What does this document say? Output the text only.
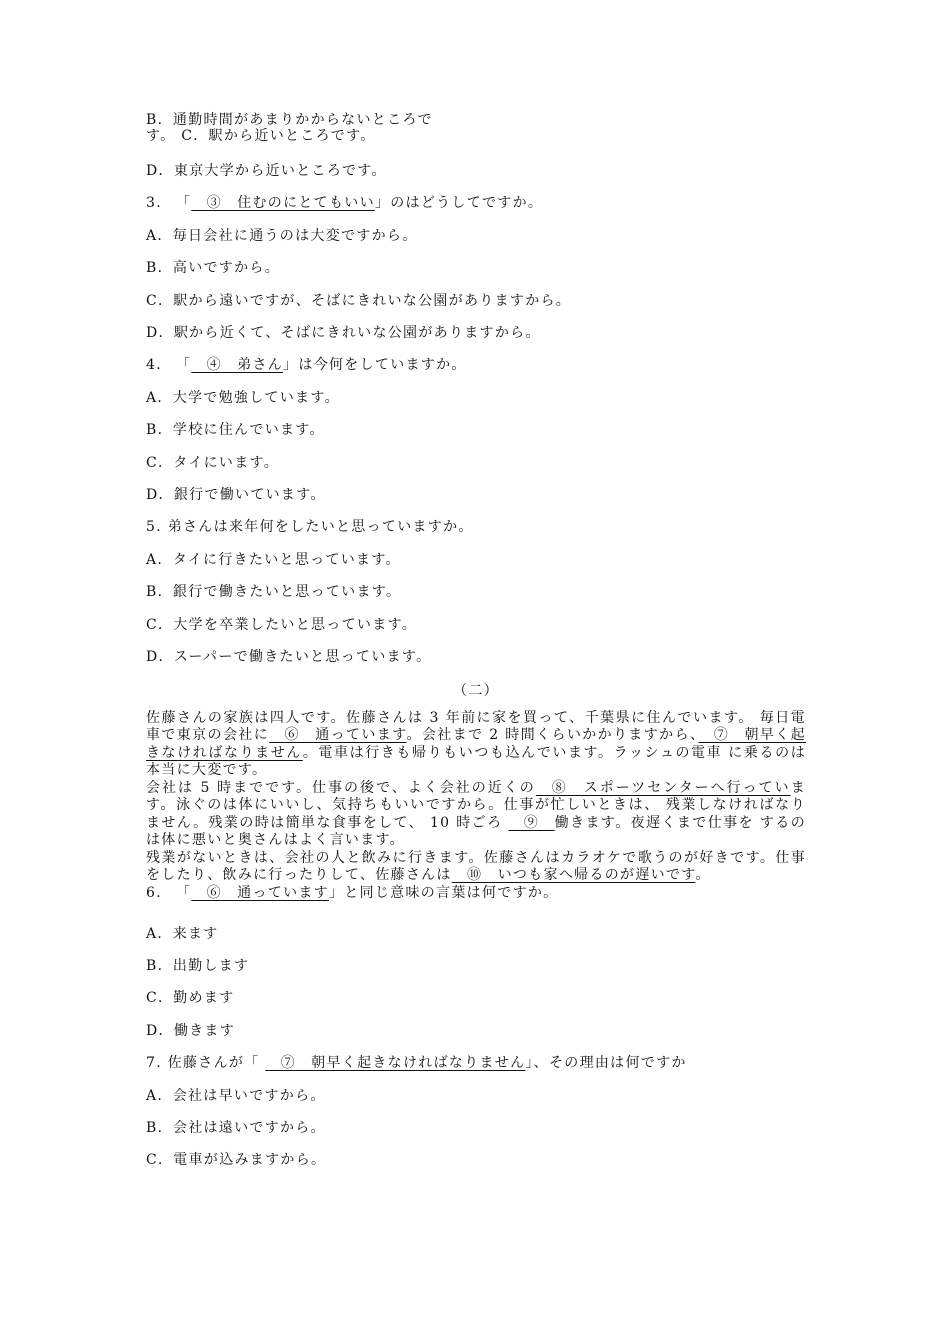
B．通勤時間があまりかからないところで

す。 C．駅から近いところです。

D．東京大学から近いところです。

3. 「　③　住むのにとてもいい」のはどうしてですか。

A．毎日会社に通うのは大変ですから。

B．高いですから。

C．駅から遠いですが、そばにきれいな公園がありますから。

D．駅から近くて、そばにきれいな公園がありますから。

4. 「　④　弟さん」は今何をしていますか。

A．大学で勉強しています。

B．学校に住んでいます。

C．タイにいます。

D．銀行で働いています。

5. 弟さんは来年何をしたいと思っていますか。

A．タイに行きたいと思っています。

B．銀行で働きたいと思っています。

C．大学を卒業したいと思っています。

D．スーパーで働きたいと思っています。

（二）

佐藤さんの家族は四人です。佐藤さんは 3 年前に家を買って、千葉県に住んでいます。 毎日電車で東京の会社に　⑥　通っています。会社まで 2 時間くらいかかりますから、　⑦　朝早く起きなければなりません。電車は行きも帰りもいつも込んでいます。ラッシュの電車 に乗るのは本当に大変です。

会社は 5 時までです。仕事の後で、よく会社の近くの　⑧　スポーツセンターへ行っています。泳ぐのは体にいいし、気持ちもいいですから。仕事が忙しいときは、 残業しなければなりません。残業の時は簡単な食事をして、 10 時ごろ 　⑨　働きます。夜遅くまで仕事を するのは体に悪いと奥さんはよく言います。

残業がないときは、会社の人と飲みに行きます。佐藤さんはカラオケで歌うのが好きです。仕事をしたり、飲みに行ったりして、佐藤さんは　⑩　いつも家へ帰るのが遅いです。

6. 「　⑥　通っています」と同じ意味の言葉は何ですか。

A．来ます

B．出勤します

C．勤めます

D．働きます

7. 佐藤さんが「 　⑦　朝早く起きなければなりません」、その理由は何ですか

A．会社は早いですから。

B．会社は遠いですから。

C．電車が込みますから。
